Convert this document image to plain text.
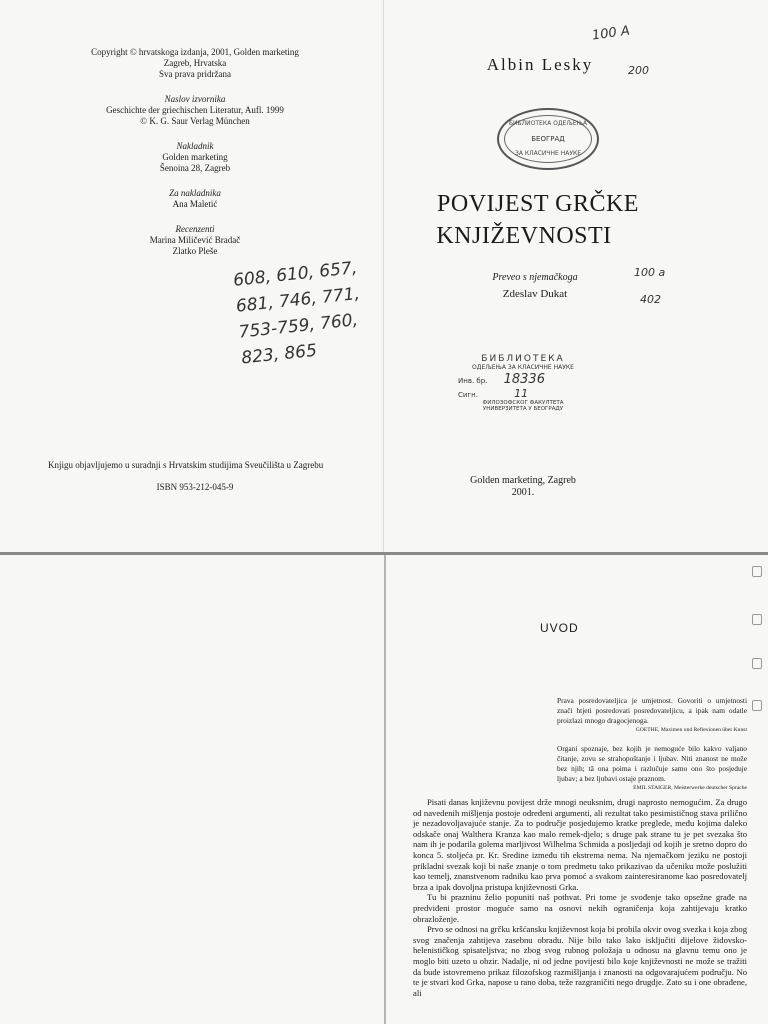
Copyright © hrvatskoga izdanja, 2001, Golden marketing
Zagreb, Hrvatska
Sva prava pridržana
Naslov izvornika
Geschichte der griechischen Literatur, Aufl. 1999
© K. G. Saur Verlag München
Nakladnik
Golden marketing
Šenoina 28, Zagreb
Za nakladnika
Ana Maletić
Recenzenti
Marina Miličević Bradač
Zlatko Pleše
608, 610, 657,
681, 746, 771,
753-759, 760,
823, 865
Knjigu objavljujemo u suradnji s Hrvatskim studijima Sveučilišta u Zagrebu
ISBN 953-212-045-9
100 A
Albin Lesky	200
БИБЛИОТЕКА ОДЕЉЕЊА
БЕОГРАД
ЗА КЛАСИЧНЕ НАУКЕ
POVIJEST GRČKE
KNJIŽEVNOSTI
Preveo s njemačkoga
Zdeslav Dukat
100 a
402
БИБЛИОТЕКА
ОДЕЉЕЊА ЗА КЛАСИЧНЕ НАУКЕ
Инв. бр. 18336
Сигн.	11
ФИЛОЗОФСКОГ ФАКУЛТЕТА
УНИВЕРЗИТЕТА У БЕОГРАДУ
Golden marketing, Zagreb
2001.
UVOD
Prava posredovateljica je umjetnost. Govoriti o umjetnosti znači htjeti posredovati posredovateljicu, a ipak nam odatle proizlazi mnogo dragocjenoga.
GOETHE, Maximen und Reflexionen über Kunst
Organi spoznaje, bez kojih je nemoguće bilo kakvo valjano čitanje, zovu se strahopoštanje i ljubav. Niti znanost ne može bez njih; tā ona poima i razlučuje samo ono što posjeduje ljubav; a bez ljubavi ostaje praznom.
EMIL STAIGER, Meisterwerke deutscher Sprache

Pisati danas književnu povijest drže mnogi neuksnim, drugi naprosto nemogućim. Za drugo od navedenih mišljenja postoje određeni argumenti, ali rezultat tako pesimističnog stava prilično je nezadovoljavajuće stanje. Za to područje posjedujemo kratke preglede, među kojima daleko odskače onaj Walthera Kranza kao malo remek-djelo; s druge pak strane tu je pet svezaka što nam ih je podarila golema marljivost Wilhelma Schmida a posljedaji od kojih je sretno dopro do konca 5. stoljeća pr. Kr. Sredine između tih ekstrema nema. Na njemačkom jeziku ne postoji prikladni svezak koji bi naše znanje o tom predmetu tako prikazivao da učeniku može poslužiti kao temelj, znanstvenom radniku kao prva pomoć a svakom zainteresiranome kao posredovatelj brza a ipak dovoljna pristupa književnosti Grka.

Tu bi prazninu želio popuniti naš pothvat. Pri tome je svođenje tako opsežne građe na predviđeni prostor moguće samo na osnovi nekih ograničenja koja zahtijevaju kratko obrazloženje.

Prvo se odnosi na grčku kršćansku književnost koja bi probila okvir ovog svezka i koja zbog svog značenja zahtijeva zasebnu obradu. Nije bilo tako lako isključiti dijelove židovsko-helenističkog spisateljstva; no zbog svog rubnog položaja u odnosu na glavnu temu ono je moglo biti uzeto u obzir. Nadalje, ni od jedne povijesti bilo koje književnosti ne može se tražiti da bude istovremeno prikaz filozofskog razmišljanja i znanosti na odgovarajućem području. No te je stvari kod Grka, napose u rano doba, teže razgraničiti nego drugdje. Zato su i one obrađene, ali
